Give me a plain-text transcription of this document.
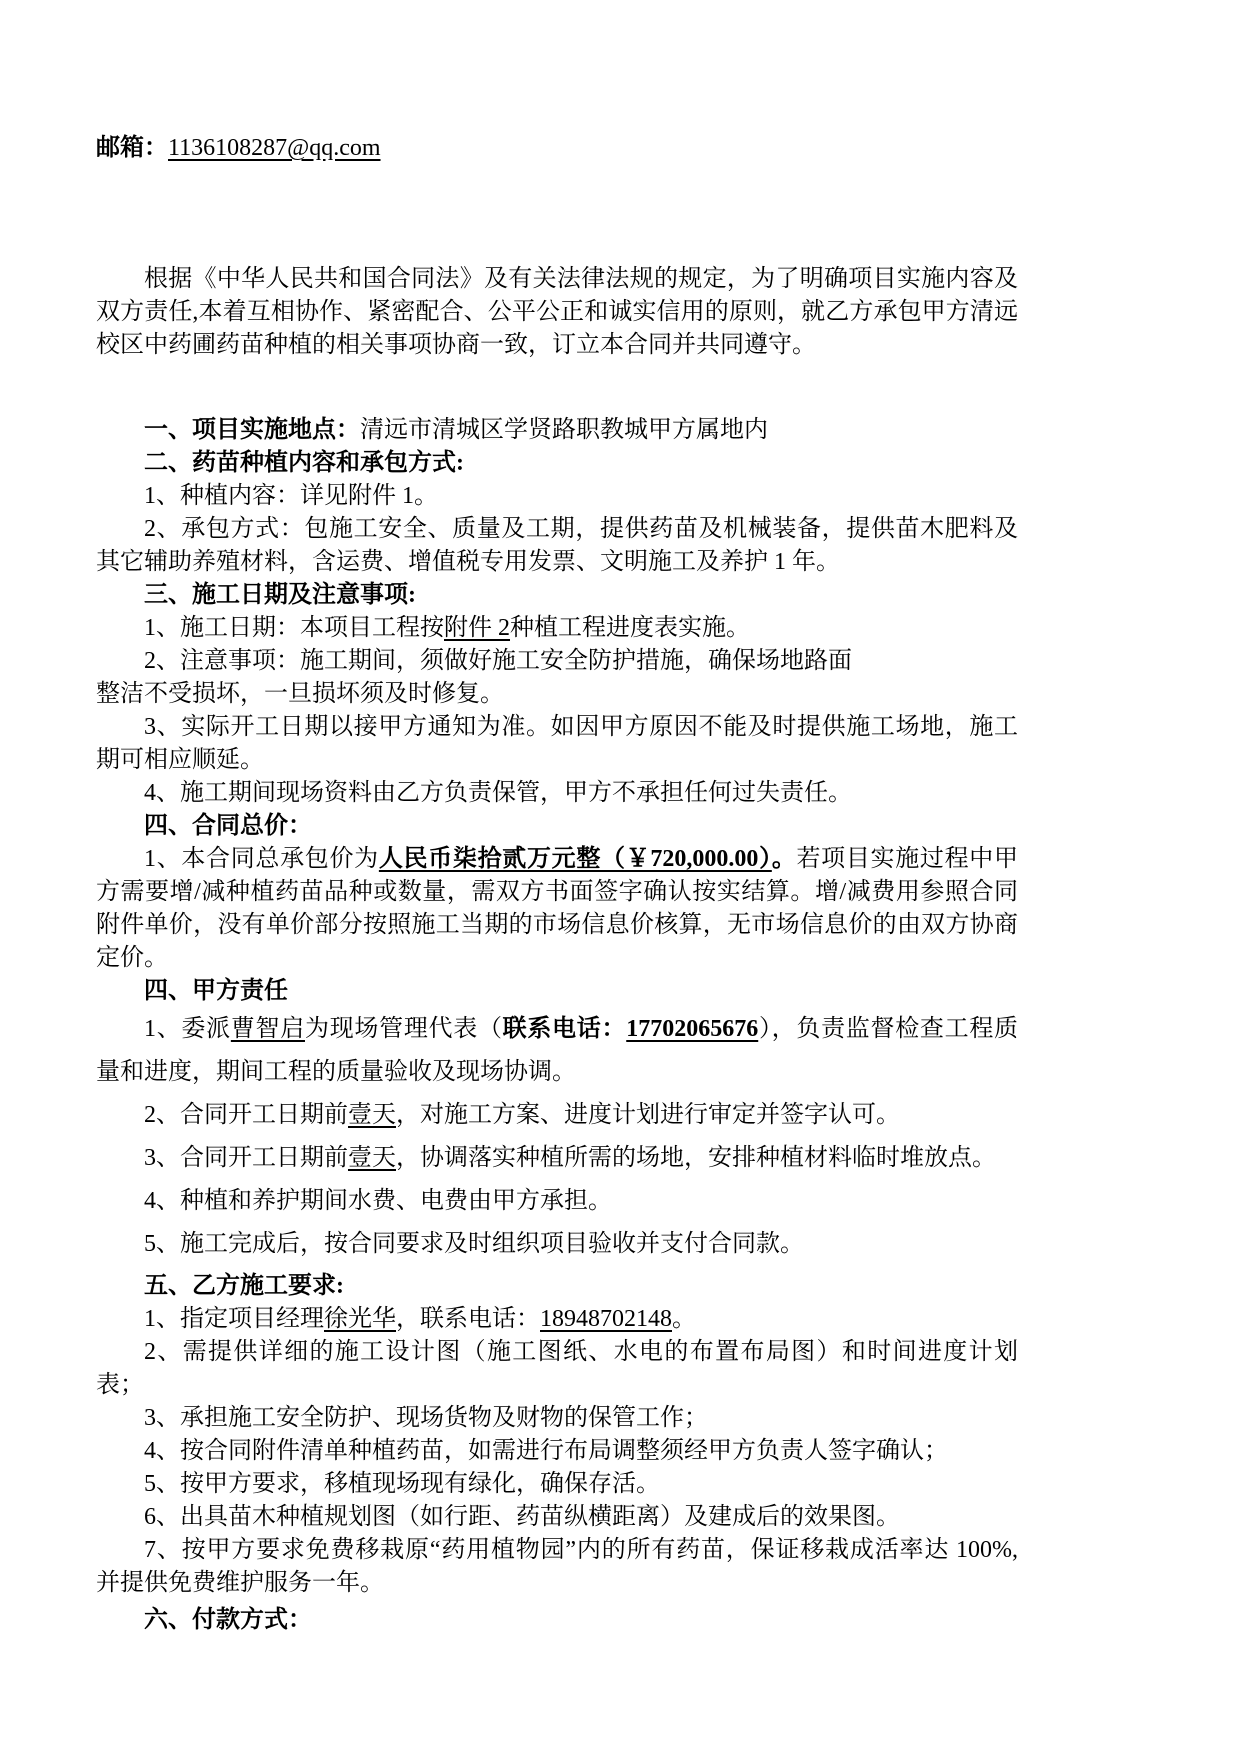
邮箱：1136108287@qq.com

根据《中华人民共和国合同法》及有关法律法规的规定，为了明确项目实施内容及双方责任,本着互相协作、紧密配合、公平公正和诚实信用的原则，就乙方承包甲方清远校区中药圃药苗种植的相关事项协商一致，订立本合同并共同遵守。

一、项目实施地点：清远市清城区学贤路职教城甲方属地内

二、药苗种植内容和承包方式:

1、种植内容：详见附件 1。

2、承包方式：包施工安全、质量及工期，提供药苗及机械装备，提供苗木肥料及其它辅助养殖材料，含运费、增值税专用发票、文明施工及养护 1 年。

三、施工日期及注意事项:

1、施工日期：本项目工程按附件 2种植工程进度表实施。

2、注意事项：施工期间，须做好施工安全防护措施，确保场地路面
整洁不受损坏，一旦损坏须及时修复。

3、实际开工日期以接甲方通知为准。如因甲方原因不能及时提供施工场地，施工期可相应顺延。

4、施工期间现场资料由乙方负责保管，甲方不承担任何过失责任。

四、合同总价：

1、本合同总承包价为人民币柒拾贰万元整（￥720,000.00）。若项目实施过程中甲方需要增/减种植药苗品种或数量，需双方书面签字确认按实结算。增/减费用参照合同附件单价，没有单价部分按照施工当期的市场信息价核算，无市场信息价的由双方协商定价。

四、甲方责任

1、委派曹智启为现场管理代表（联系电话：17702065676），负责监督检查工程质量和进度，期间工程的质量验收及现场协调。

2、合同开工日期前壹天，对施工方案、进度计划进行审定并签字认可。

3、合同开工日期前壹天，协调落实种植所需的场地，安排种植材料临时堆放点。

4、种植和养护期间水费、电费由甲方承担。

5、施工完成后，按合同要求及时组织项目验收并支付合同款。

五、乙方施工要求:

1、指定项目经理徐光华，联系电话：18948702148。

2、需提供详细的施工设计图（施工图纸、水电的布置布局图）和时间进度计划表；

3、承担施工安全防护、现场货物及财物的保管工作；

4、按合同附件清单种植药苗，如需进行布局调整须经甲方负责人签字确认；

5、按甲方要求，移植现场现有绿化，确保存活。

6、出具苗木种植规划图（如行距、药苗纵横距离）及建成后的效果图。

7、按甲方要求免费移栽原“药用植物园”内的所有药苗，保证移栽成活率达 100%, 并提供免费维护服务一年。

六、付款方式：
